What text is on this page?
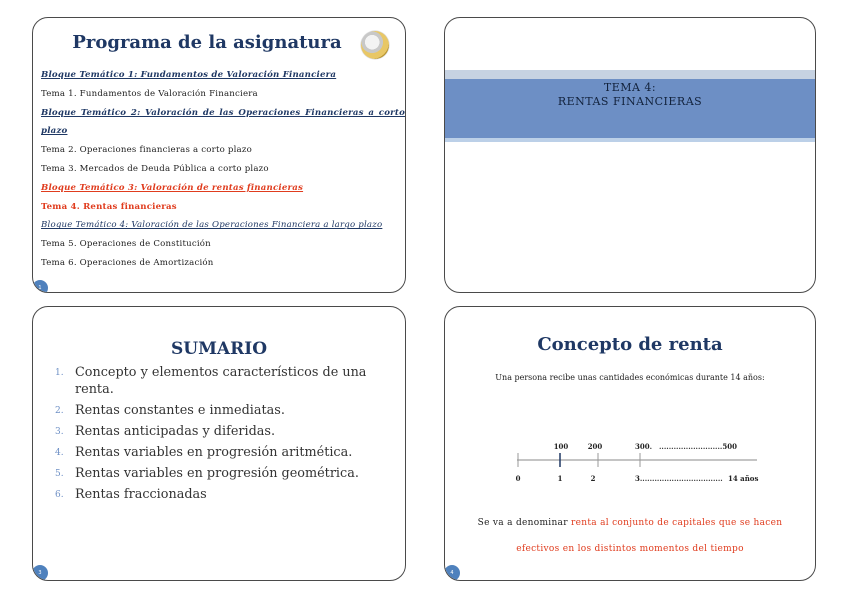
Programa de la asignatura
Bloque Temático 1: Fundamentos de Valoración Financiera
Tema 1. Fundamentos de Valoración Financiera
Bloque Temático 2: Valoración de las Operaciones Financieras a corto
plazo
Tema 2. Operaciones financieras a corto plazo
Tema 3. Mercados de Deuda Pública a corto plazo
Bloque Temático 3: Valoración de rentas financieras
Tema 4. Rentas financieras
Bloque Temático 4: Valoración de las Operaciones Financiera a largo plazo
Tema 5. Operaciones de Constitución
Tema 6. Operaciones de Amortización
1
TEMA 4:
RENTAS FINANCIERAS
SUMARIO
1. Concepto y elementos característicos de una renta.
2. Rentas constantes e inmediatas.
3. Rentas anticipadas y diferidas.
4. Rentas variables en progresión aritmética.
5. Rentas variables en progresión geométrica.
6. Rentas fraccionadas
3
Concepto de renta
Una persona recibe unas cantidades económicas durante 14 años:
100	200	300. ..........................500
0	1	2	3.................................. 14 años
Se va a denominar renta al conjunto de capitales que se hacen
efectivos en los distintos momentos del tiempo
4
